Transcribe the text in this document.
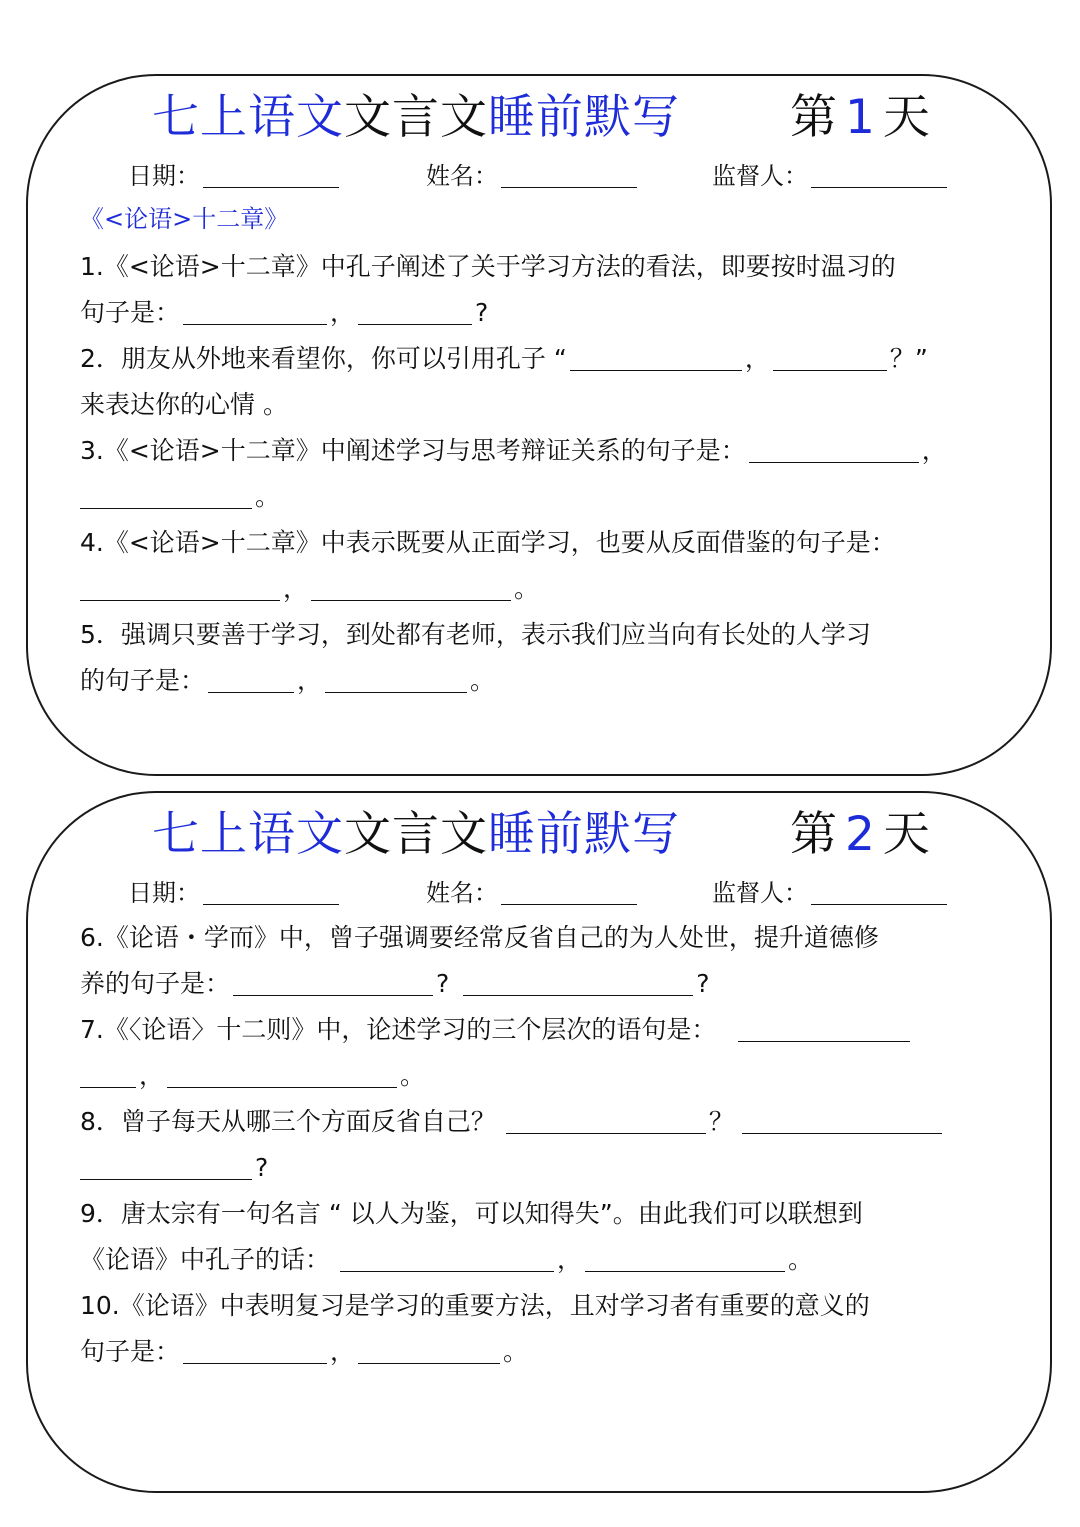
七上语文文言文睡前默写 第 1 天
日期：	姓名：	监督人：
《<论语>十二章》
1.《<论语>十二章》中孔子阐述了关于学习方法的看法，即要按时温习的
句子是：	，	?
2．朋友从外地来看望你，你可以引用孔子 “	，	？”
来表达你的心情 。
3.《<论语>十二章》中阐述学习与思考辩证关系的句子是：	，
。
4.《<论语>十二章》中表示既要从正面学习，也要从反面借鉴的句子是：
，	。
5．强调只要善于学习，到处都有老师，表示我们应当向有长处的人学习
的句子是：	，	。
七上语文文言文睡前默写 第 2 天
日期：	姓名：	监督人：
6.《论语・学而》中，曾子强调要经常反省自己的为人处世，提升道德修
养的句子是：	?	?
7.《〈论语〉十二则》中，论述学习的三个层次的语句是：
，	。
8．曾子每天从哪三个方面反省自己？	？
?
9．唐太宗有一句名言 “ 以人为鉴，可以知得失”。由此我们可以联想到
《论语》中孔子的话：	，	。
10.《论语》中表明复习是学习的重要方法，且对学习者有重要的意义的
句子是：	，	。
